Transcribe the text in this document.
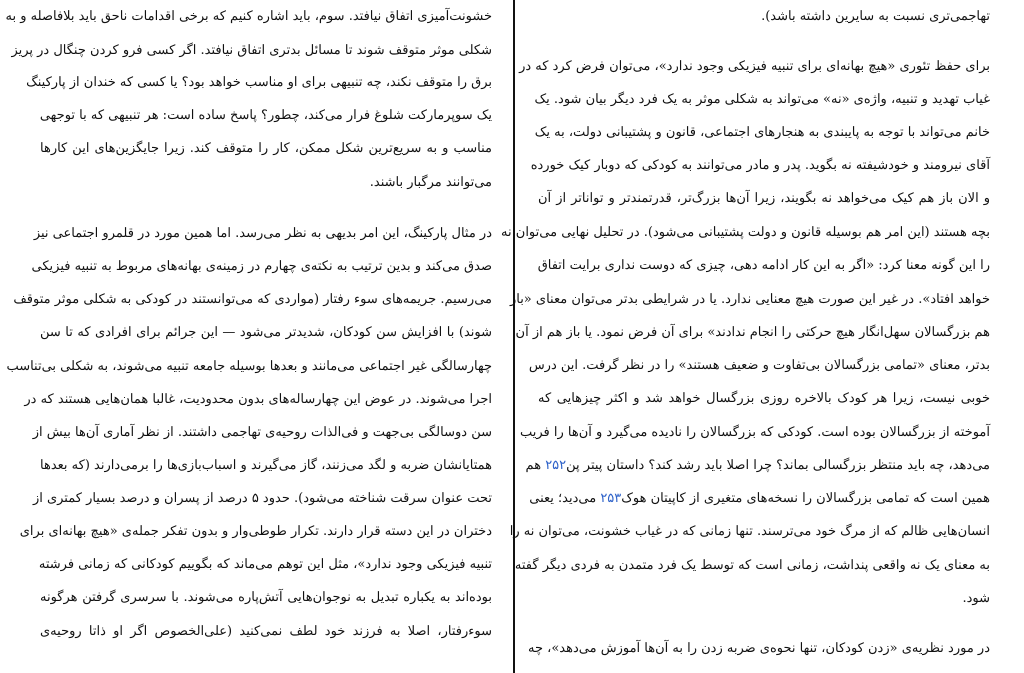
خشونت‌آمیزی اتفاق نیافتد. سوم، باید اشاره کنیم که برخی اقدامات ناحق باید بلافاصله و به
شکلی موثر متوقف شوند تا مسائل بدتری اتفاق نیافتد. اگر کسی فرو کردن چنگال در پریز
برق را متوقف نکند، چه تنبیهی برای او مناسب خواهد بود؟ یا کسی که خندان از پارکینگ
یک سوپرمارکت شلوغ فرار می‌کند، چطور؟ پاسخ ساده است: هر تنبیهی که با توجهی
مناسب و به سریع‌ترین شکل ممکن، کار را متوقف کند. زیرا جایگزین‌های این کارها
می‌توانند مرگبار باشند.
در مثال پارکینگ، این امر بدیهی به نظر می‌رسد. اما همین مورد در قلمرو اجتماعی نیز
صدق می‌کند و بدین ترتیب به نکته‌ی چهارم در زمینه‌ی بهانه‌های مربوط به تنبیه فیزیکی
می‌رسیم. جریمه‌های سوء رفتار (مواردی که می‌توانستند در کودکی به شکلی موثر متوقف
شوند) با افزایش سن کودکان، شدیدتر می‌شود — این جرائم برای افرادی که تا سن
چهارسالگی غیر اجتماعی می‌مانند و بعدها بوسیله جامعه تنبیه می‌شوند، به شکلی بی‌تناسب
اجرا می‌شوند. در عوض این چهارساله‌های بدون محدودیت، غالبا همان‌هایی هستند که در
سن دوسالگی بی‌جهت و فی‌الذات روحیه‌ی تهاجمی داشتند. از نظر آماری آن‌ها بیش از
همتایانشان ضربه و لگد می‌زنند، گاز می‌گیرند و اسباب‌بازی‌ها را برمی‌دارند (که بعدها
تحت عنوان سرقت شناخته می‌شود). حدود ۵ درصد از پسران و درصد بسیار کمتری از
دختران در این دسته قرار دارند. تکرار طوطی‌وار و بدون تفکر جمله‌ی «هیچ بهانه‌ای برای
تنبیه فیزیکی وجود ندارد»، مثل این توهم می‌ماند که بگوییم کودکانی که زمانی فرشته
بوده‌اند به یکباره تبدیل به نوجوان‌هایی آتش‌پاره می‌شوند. با سرسری گرفتن هرگونه
سوءرفتار، اصلا به فرزند خود لطف نمی‌کنید (علی‌الخصوص اگر او ذاتا روحیه‌ی
تهاجمی‌تری نسبت به سایرین داشته باشد).
برای حفظ تئوری «هیچ بهانه‌ای برای تنبیه فیزیکی وجود ندارد»، می‌توان فرض کرد که در
غیاب تهدید و تنبیه، واژه‌ی «نه» می‌تواند به شکلی موثر به یک فرد دیگر بیان شود. یک
خانم می‌تواند با توجه به پایبندی به هنجارهای اجتماعی، قانون و پشتیبانی دولت، به یک
آقای نیرومند و خودشیفته نه بگوید. پدر و مادر می‌توانند به کودکی که دوبار کیک خورده
و الان باز هم کیک می‌خواهد نه بگویند، زیرا آن‌ها بزرگ‌تر، قدرتمندتر و تواناتر از آن
بچه هستند (این امر هم بوسیله قانون و دولت پشتیبانی می‌شود). در تحلیل نهایی می‌توان نه
را این گونه معنا کرد: «اگر به این کار ادامه دهی، چیزی که دوست نداری برایت اتفاق
خواهد افتاد». در غیر این صورت هیچ معنایی ندارد. یا در شرایطی بدتر می‌توان معنای «باز
هم بزرگسالان سهل‌انگار هیچ حرکتی را انجام ندادند» برای آن فرض نمود. یا باز هم از آن
بدتر، معنای «تمامی بزرگسالان بی‌تفاوت و ضعیف هستند» را در نظر گرفت. این درس
خوبی نیست، زیرا هر کودک بالاخره روزی بزرگسال خواهد شد و اکثر چیزهایی که
آموخته از بزرگسالان بوده است. کودکی که بزرگسالان را نادیده می‌گیرد و آن‌ها را فریب
می‌دهد، چه باید منتظر بزرگسالی بماند؟ چرا اصلا باید رشد کند؟ داستان پیتر پن۲۵۲ هم
همین است که تمامی بزرگسالان را نسخه‌های متغیری از کاپیتان هوک۲۵۳ می‌دید؛ یعنی
انسان‌هایی ظالم که از مرگ خود می‌ترسند. تنها زمانی که در غیاب خشونت، می‌توان نه را
به معنای یک نه واقعی پنداشت، زمانی است که توسط یک فرد متمدن به فردی دیگر گفته
شود.
در مورد نظریه‌ی «زدن کودکان، تنها نحوه‌ی ضربه زدن را به آن‌ها آموزش می‌دهد»، چه
